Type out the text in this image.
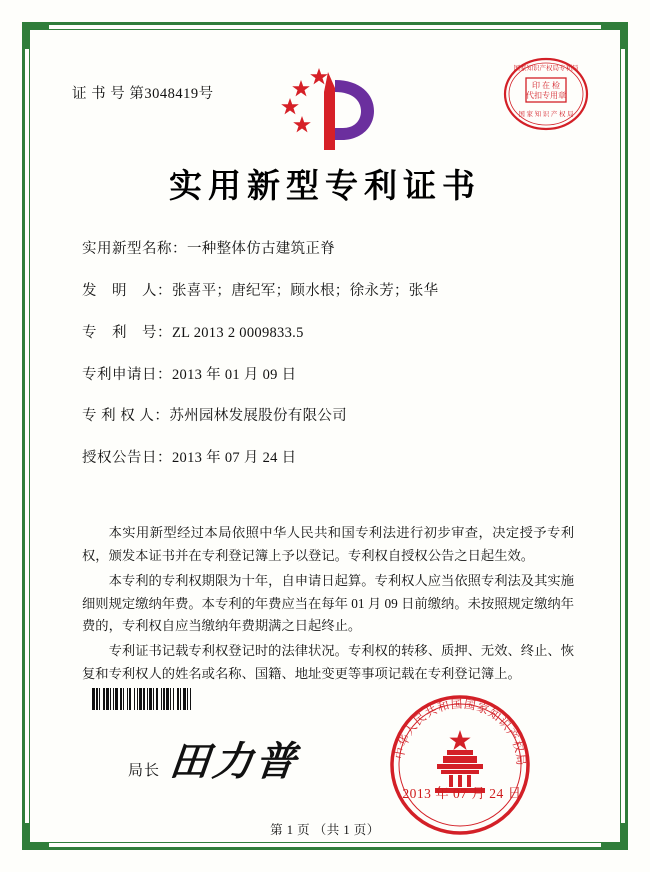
证 书 号 第3048419号
国家知识产权局专利局
印 在 检
代扣专用章
国 家 知 识 产 权 局
实用新型专利证书
实用新型名称：一种整体仿古建筑正脊
发　明　人：张喜平；唐纪军；顾水根；徐永芳；张华
专　利　号：ZL 2013 2 0009833.5
专利申请日：2013 年 01 月 09 日
专 利 权 人：苏州园林发展股份有限公司
授权公告日：2013 年 07 月 24 日

本实用新型经过本局依照中华人民共和国专利法进行初步审查，决定授予专利权，颁发本证书并在专利登记簿上予以登记。专利权自授权公告之日起生效。

本专利的专利权期限为十年，自申请日起算。专利权人应当依照专利法及其实施细则规定缴纳年费。本专利的年费应当在每年 01 月 09 日前缴纳。未按照规定缴纳年费的，专利权自应当缴纳年费期满之日起终止。

专利证书记载专利权登记时的法律状况。专利权的转移、质押、无效、终止、恢复和专利权人的姓名或名称、国籍、地址变更等事项记载在专利登记簿上。

局长 田力普	中华人民共和国国家知识产权局
2013 年 07 月 24 日
第 1 页 （共 1 页）
